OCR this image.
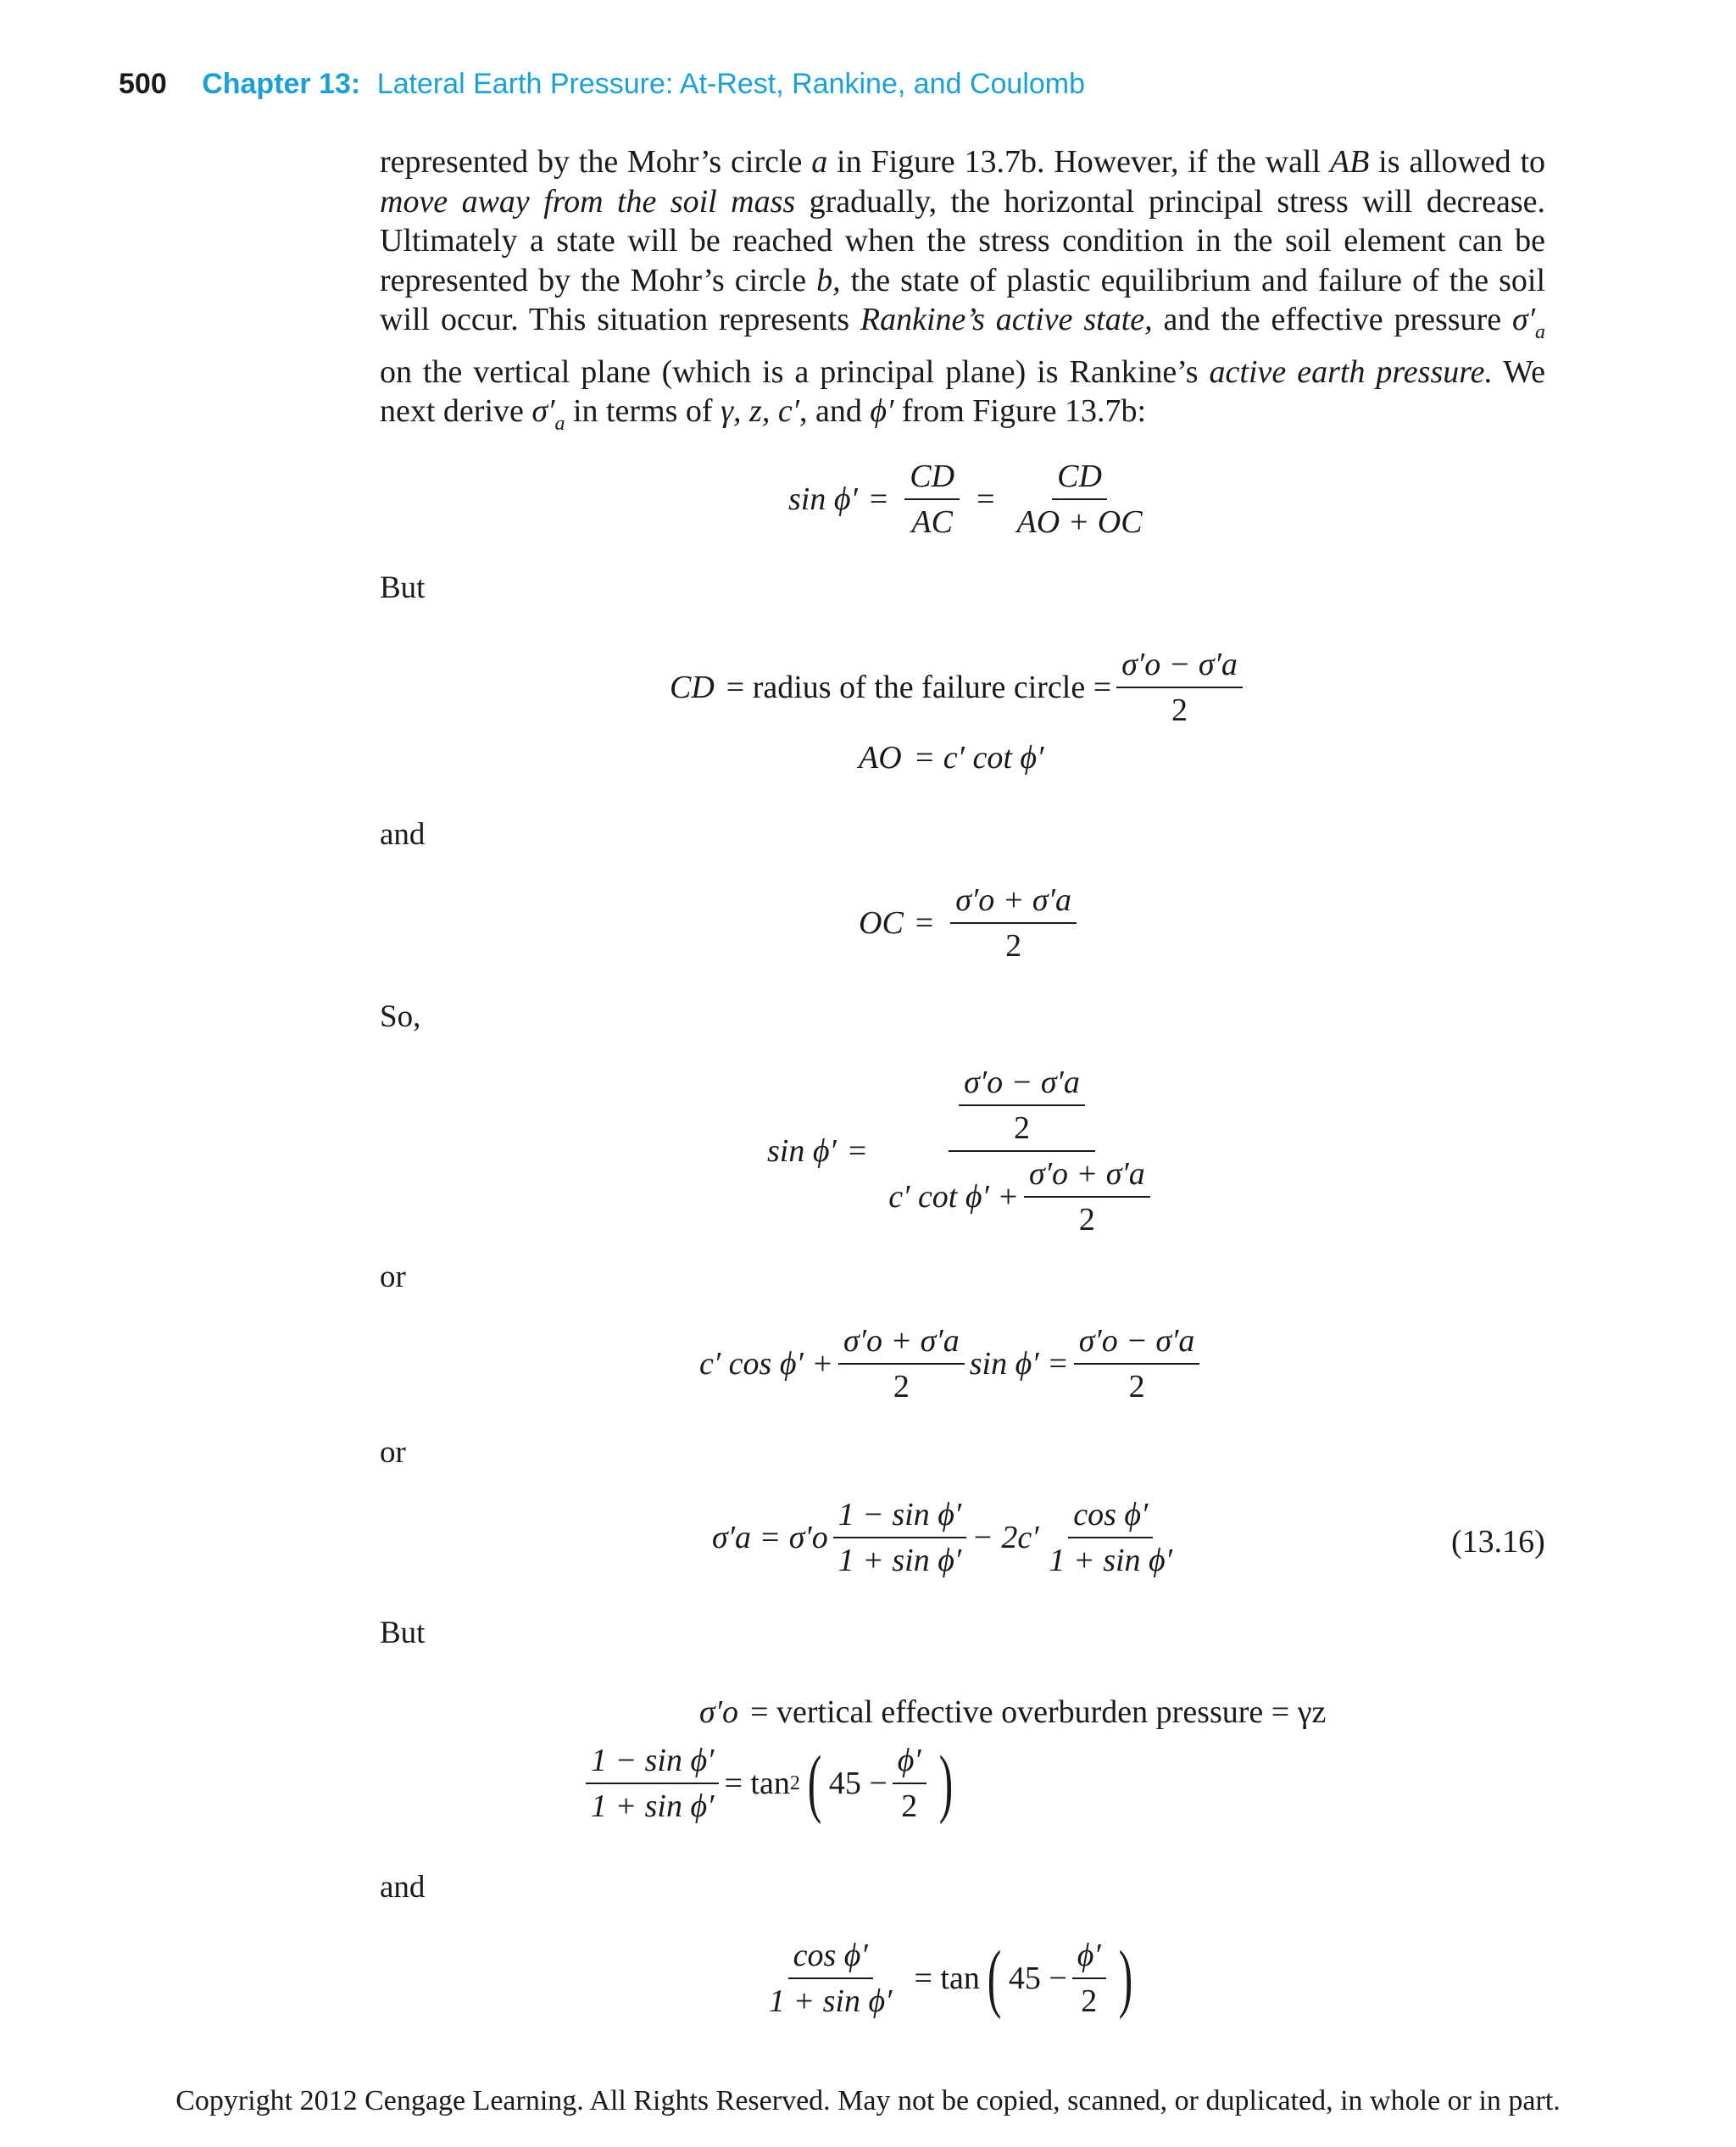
500 Chapter 13: Lateral Earth Pressure: At-Rest, Rankine, and Coulomb

represented by the Mohr’s circle a in Figure 13.7b. However, if the wall AB is allowed to move away from the soil mass gradually, the horizontal principal stress will decrease. Ultimately a state will be reached when the stress condition in the soil element can be represented by the Mohr’s circle b, the state of plastic equilibrium and failure of the soil will occur. This situation represents Rankine’s active state, and the effective pressure $\sigma'_a$ on the vertical plane (which is a principal plane) is Rankine’s active earth pressure. We next derive $\sigma'_a$ in terms of γ, z, c′, and ϕ′ from Figure 13.7b:

$\sin \phi' = \frac{CD}{AC} = \frac{CD}{AO + OC}$
But
CD = radius of the failure circle = $\frac{\sigma'o - \sigma'a}{2}$
AO = c′ cot ϕ′
and
OC = $\frac{\sigma'o + \sigma'a}{2}$
So,
$\sin \phi' = \frac{\frac{\sigma'o - \sigma'a}{2}}{c' \cot \phi' + \frac{\sigma'o + \sigma'a}{2}}$
or
c′ $\cos \phi' + \frac{\sigma'o + \sigma'a}{2}$ $\sin \phi' = \frac{\sigma'o - \sigma'a}{2}$
or
$\sigma'a = \sigma'o \frac{\text{1 − sin ϕ′}}{\text{1 + sin ϕ′}} - 2c' \frac{\text{cos ϕ′}}{\text{1 + sin ϕ′}}$	(13.16)
But
σ′o = vertical effective overburden pressure = γz
$\frac{\text{1 − sin ϕ′}}{\text{1 + sin ϕ′}} = \tan 2$ ( $45 - \frac{\phi'}{2}$ )
and
$\frac{\text{cos ϕ′}}{\text{1 + sin ϕ′}} = \tan$ ( $45 - \frac{\phi'}{2}$ )
Copyright 2012 Cengage Learning. All Rights Reserved. May not be copied, scanned, or duplicated, in whole or in part.
